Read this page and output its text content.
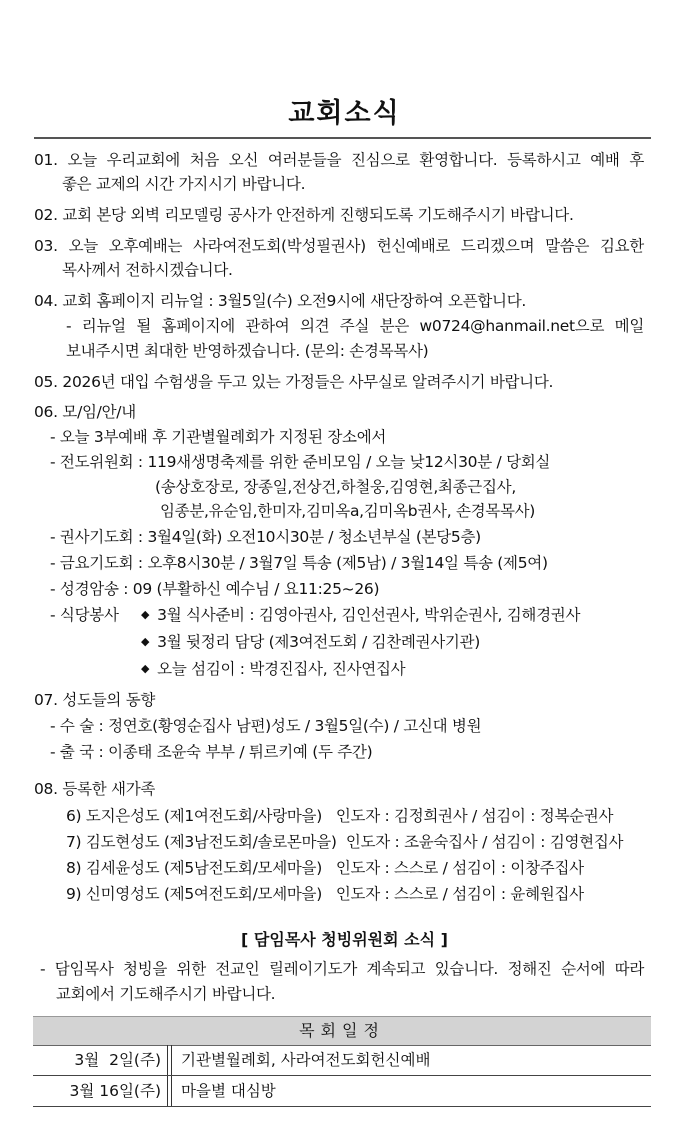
교회소식
01. 오늘 우리교회에 처음 오신 여러분들을 진심으로 환영합니다. 등록하시고 예배 후
좋은 교제의 시간 가지시기 바랍니다.
02. 교회 본당 외벽 리모델링 공사가 안전하게 진행되도록 기도해주시기 바랍니다.
03. 오늘 오후예배는 사라여전도회(박성필권사) 헌신예배로 드리겠으며 말씀은 김요한
목사께서 전하시겠습니다.
04. 교회 홈페이지 리뉴얼 : 3월5일(수) 오전9시에 새단장하여 오픈합니다.
- 리뉴얼 될 홈페이지에 관하여 의견 주실 분은 w0724@hanmail.net으로 메일
보내주시면 최대한 반영하겠습니다. (문의: 손경목목사)
05. 2026년 대입 수험생을 두고 있는 가정들은 사무실로 알려주시기 바랍니다.
06. 모/임/안/내
- 오늘 3부예배 후 기관별월례회가 지정된 장소에서
- 전도위원회 : 119새생명축제를 위한 준비모임 / 오늘 낮12시30분 / 당회실
(송상호장로, 장종일,전상건,하철웅,김영현,최종근집사,
임종분,유순임,한미자,김미옥a,김미옥b권사, 손경목목사)
- 권사기도회 : 3월4일(화) 오전10시30분 / 청소년부실 (본당5층)
- 금요기도회 : 오후8시30분 / 3월7일 특송 (제5남) / 3월14일 특송 (제5여)
- 성경암송 : 09 (부활하신 예수님 / 요11:25~26)
- 식당봉사 ◆ 3월 식사준비 : 김영아권사, 김인선권사, 박위순권사, 김해경권사
◆ 3월 뒷정리 담당 (제3여전도회 / 김찬례권사기관)
◆ 오늘 섬김이 : 박경진집사, 진사연집사
07. 성도들의 동향
- 수 술 : 정연호(황영순집사 남편)성도 / 3월5일(수) / 고신대 병원
- 출 국 : 이종태 조윤숙 부부 / 튀르키예 (두 주간)
08. 등록한 새가족
6) 도지은성도 (제1여전도회/사랑마을)   인도자 : 김정희권사 / 섬김이 : 정복순권사
7) 김도현성도 (제3남전도회/솔로몬마을)  인도자 : 조윤숙집사 / 섬김이 : 김영현집사
8) 김세윤성도 (제5남전도회/모세마을)   인도자 : 스스로 / 섬김이 : 이창주집사
9) 신미영성도 (제5여전도회/모세마을)   인도자 : 스스로 / 섬김이 : 윤혜원집사
[ 담임목사 청빙위원회 소식 ]
- 담임목사 청빙을 위한 전교인 릴레이기도가 계속되고 있습니다. 정해진 순서에 따라
교회에서 기도해주시기 바랍니다.
목회일정
3월  2일(주) 기관별월례회, 사라여전도회헌신예배
3월 16일(주) 마을별 대심방
